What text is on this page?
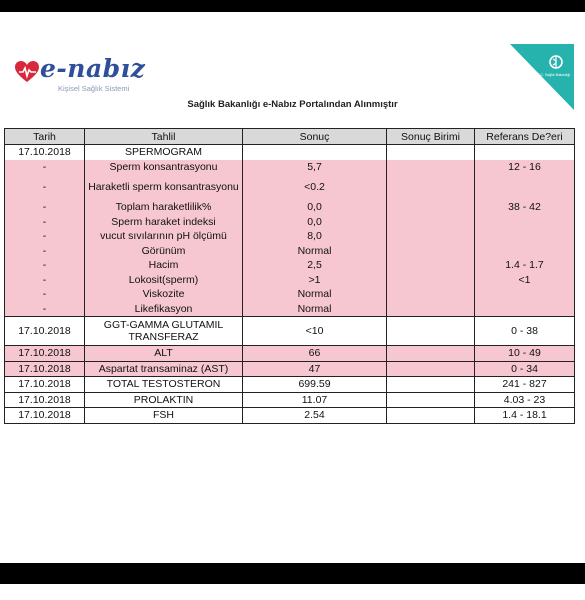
e-nabız
Kişisel Sağlık Sistemi
T.C. Sağlık Bakanlığı
Sağlık Bakanlığı e-Nabız Portalından Alınmıştır
Tarih	Tahlil	Sonuç	Sonuç Birimi	Referans De?eri
17.10.2018	SPERMOGRAM			
-	Sperm konsantrasyonu	5,7		12 - 16
-	Haraketli sperm konsantrasyonu	<0.2		
-	Toplam haraketlilik%	0,0		38 - 42
-	Sperm haraket indeksi	0,0		
-	vucut sıvılarının pH ölçümü	8,0		
-	Görünüm	Normal		
-	Hacim	2,5		1.4 - 1.7
-	Lokosit(sperm)	>1		<1
-	Viskozite	Normal		
-	Likefikasyon	Normal		
17.10.2018	GGT-GAMMA GLUTAMIL TRANSFERAZ	<10		0 - 38
17.10.2018	ALT	66		10 - 49
17.10.2018	Aspartat transaminaz (AST)	47		0 - 34
17.10.2018	TOTAL TESTOSTERON	699.59		241 - 827
17.10.2018	PROLAKTIN	11.07		4.03 - 23
17.10.2018	FSH	2.54		1.4 - 18.1
